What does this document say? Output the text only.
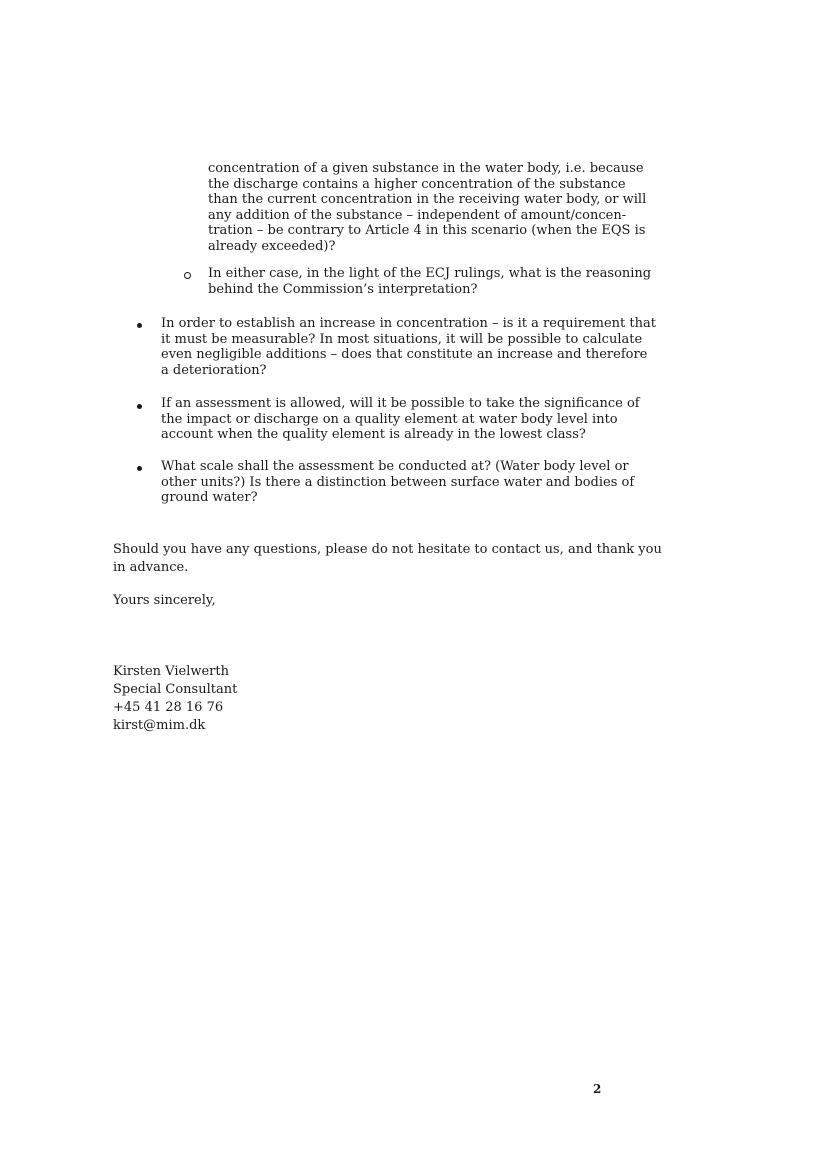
concentration of a given substance in the water body, i.e. because

the discharge contains a higher concentration of the substance

than the current concentration in the receiving water body, or will

any addition of the substance – independent of amount/concen-

tration – be contrary to Article 4 in this scenario (when the EQS is

already exceeded)?

In either case, in the light of the ECJ rulings, what is the reasoning

behind the Commission’s interpretation?

In order to establish an increase in concentration – is it a requirement that

it must be measurable? In most situations, it will be possible to calculate

even negligible additions – does that constitute an increase and therefore

a deterioration?

If an assessment is allowed, will it be possible to take the significance of

the impact or discharge on a quality element at water body level into

account when the quality element is already in the lowest class?

What scale shall the assessment be conducted at? (Water body level or

other units?) Is there a distinction between surface water and bodies of

ground water?

Should you have any questions, please do not hesitate to contact us, and thank you

in advance.

Yours sincerely,

Kirsten Vielwerth

Special Consultant

+45 41 28 16 76

kirst@mim.dk

2
